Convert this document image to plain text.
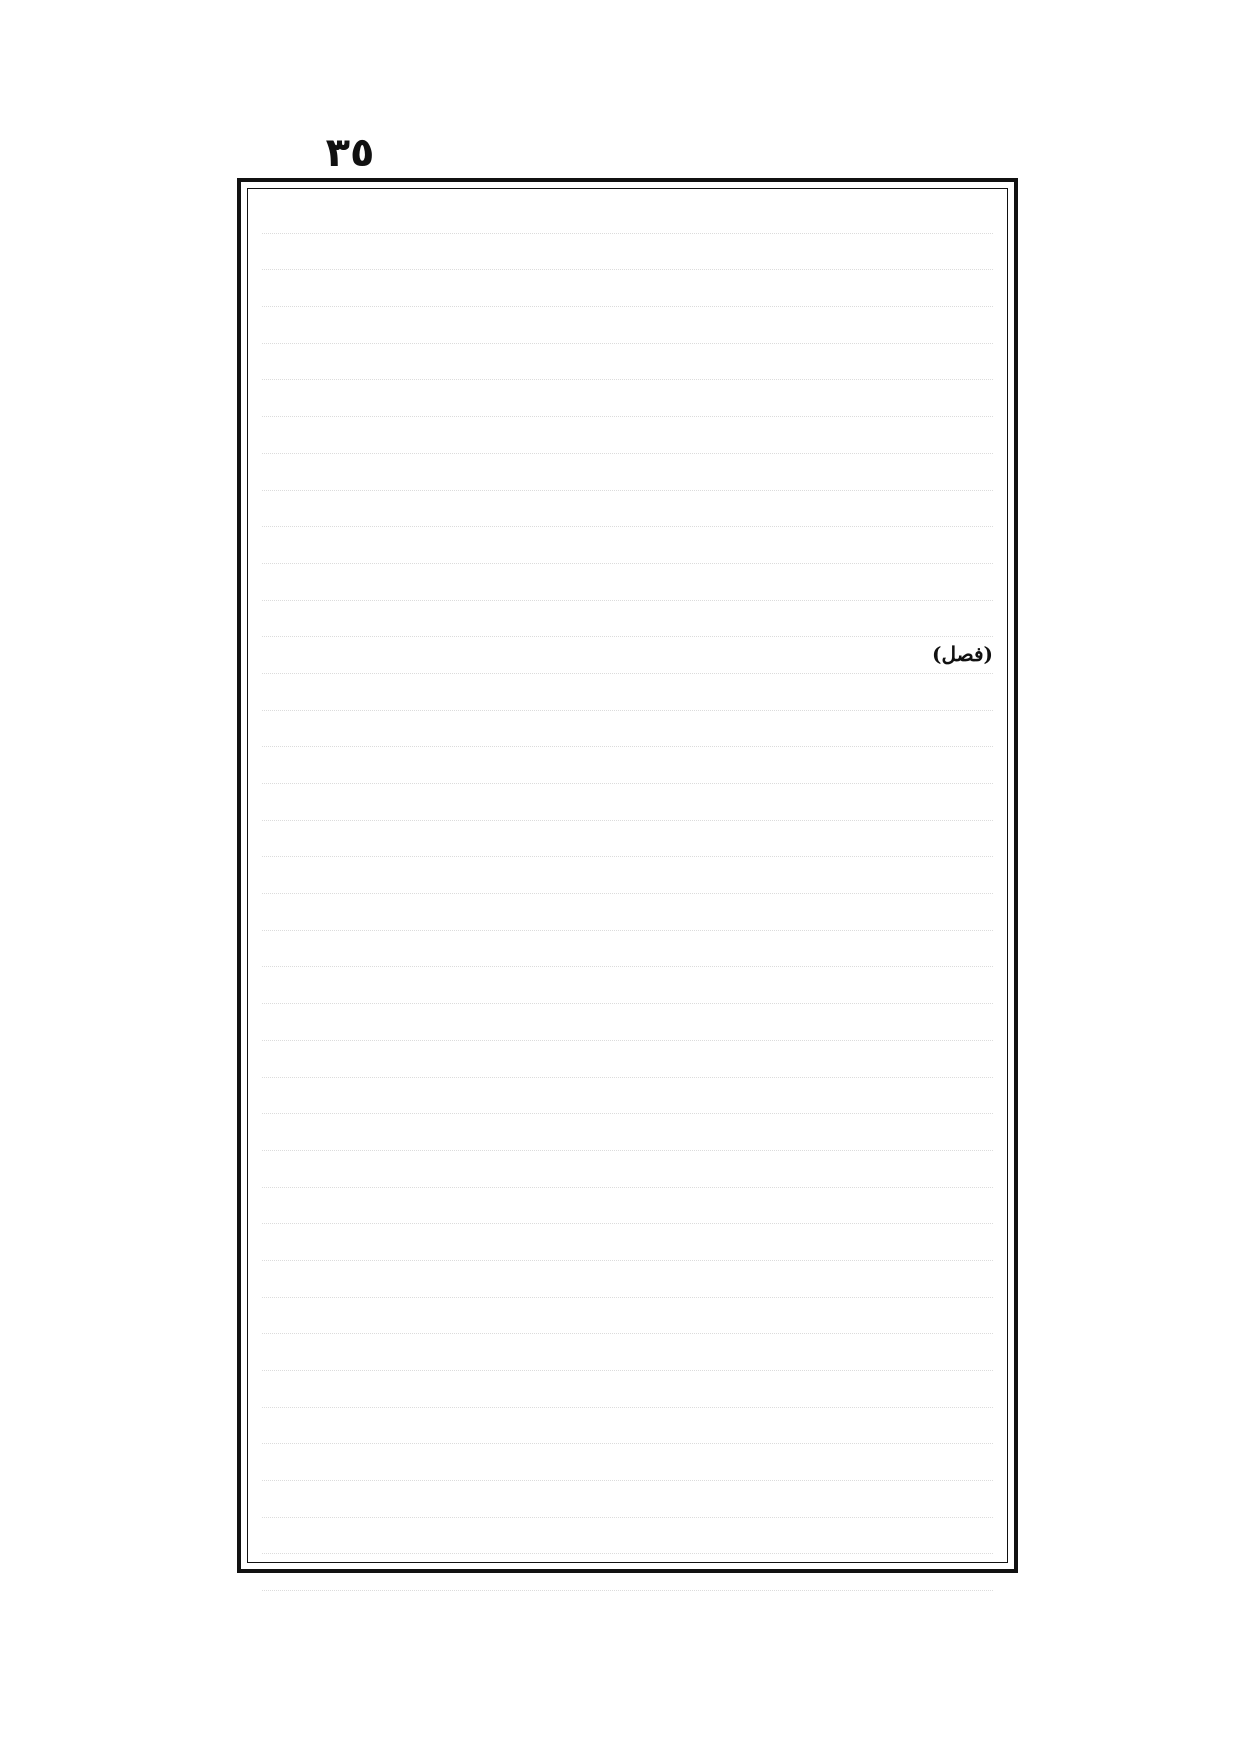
٣٥
(فصل)
